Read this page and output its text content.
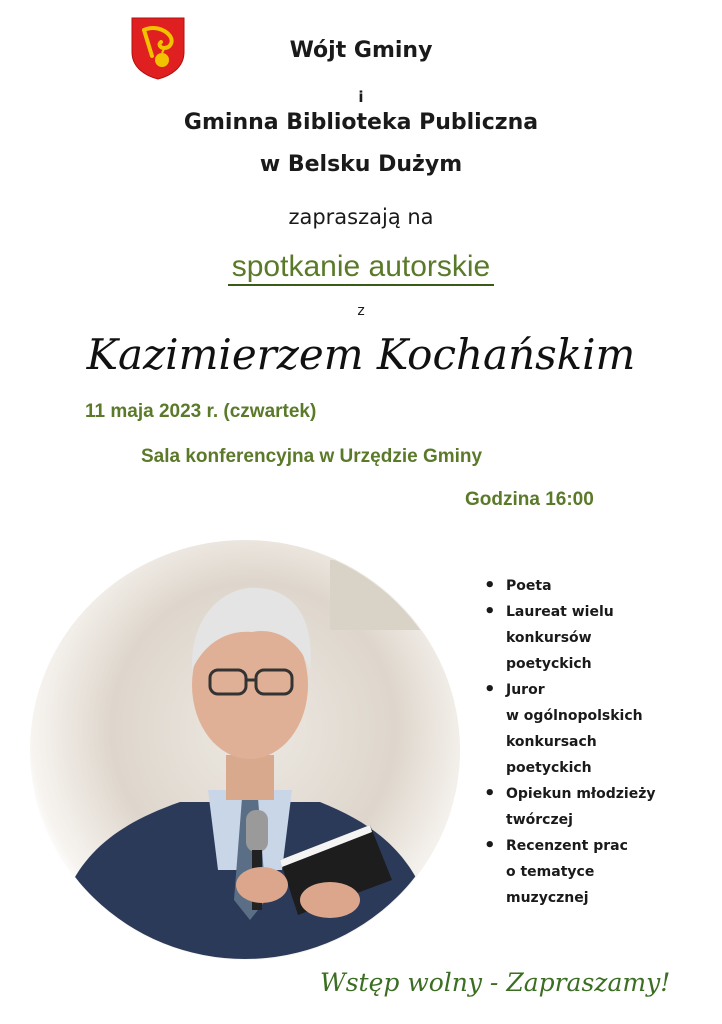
Wójt Gminy
i
Gminna Biblioteka Publiczna
w Belsku Dużym
zapraszają na
spotkanie autorskie
z
Kazimierzem Kochańskim
11 maja 2023 r. (czwartek)
Sala konferencyjna w Urzędzie Gminy
Godzina 16:00
• Poeta
• Laureat wielu
konkursów
poetyckich
• Juror
w ogólnopolskich
konkursach
poetyckich
• Opiekun młodzieży
twórczej
• Recenzent prac
o tematyce
muzycznej
Wstęp wolny - Zapraszamy!
